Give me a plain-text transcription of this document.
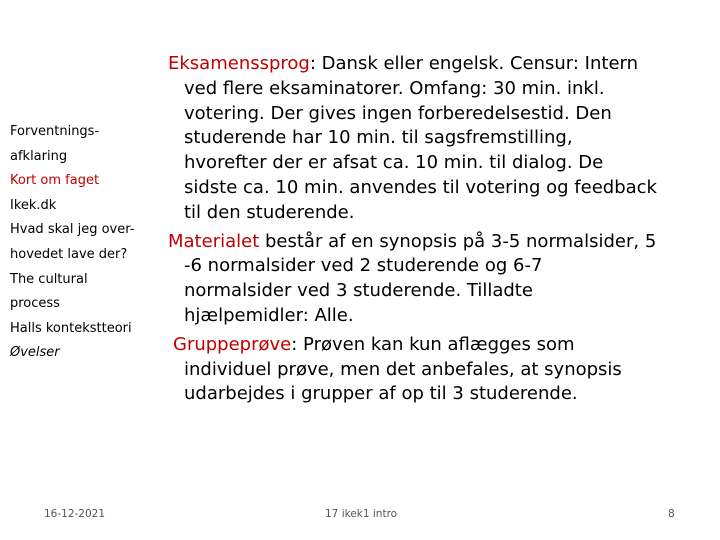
Forventnings-
afklaring
Kort om faget
Ikek.dk
Hvad skal jeg over-
hovedet lave der?
The cultural
process
Halls kontekstteori
Øvelser
Eksamenssprog: Dansk eller engelsk. Censur: Intern
ved flere eksaminatorer. Omfang: 30 min. inkl.
votering. Der gives ingen forberedelsestid. Den
studerende har 10 min. til sagsfremstilling,
hvorefter der er afsat ca. 10 min. til dialog. De
sidste ca. 10 min. anvendes til votering og feedback
til den studerende.
Materialet består af en synopsis på 3-5 normalsider, 5
-6 normalsider ved 2 studerende og 6-7
normalsider ved 3 studerende. Tilladte
hjælpemidler: Alle.
Gruppeprøve: Prøven kan kun aflægges som
individuel prøve, men det anbefales, at synopsis
udarbejdes i grupper af op til 3 studerende.
16-12-2021	17 ikek1 intro	8
